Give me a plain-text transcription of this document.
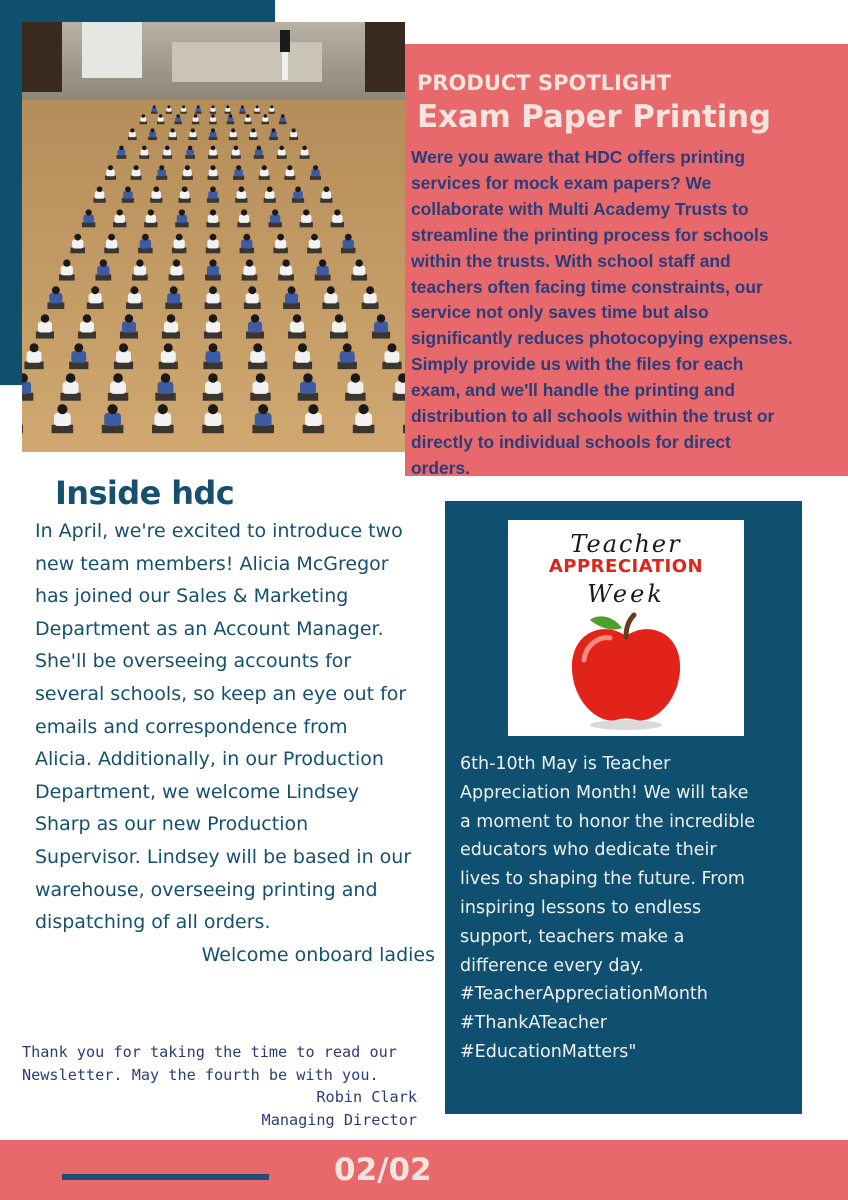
PRODUCT SPOTLIGHT
Exam Paper Printing
Were you aware that HDC offers printing
services for mock exam papers? We
collaborate with Multi Academy Trusts to
streamline the printing process for schools
within the trusts. With school staff and
teachers often facing time constraints, our
service not only saves time but also
significantly reduces photocopying expenses.
Simply provide us with the files for each
exam, and we'll handle the printing and
distribution to all schools within the trust or
directly to individual schools for direct
orders.
Inside hdc
In April, we're excited to introduce two
new team members! Alicia McGregor
has joined our Sales & Marketing
Department as an Account Manager.
She'll be overseeing accounts for
several schools, so keep an eye out for
emails and correspondence from
Alicia. Additionally, in our Production
Department, we welcome Lindsey
Sharp as our new Production
Supervisor. Lindsey will be based in our
warehouse, overseeing printing and
dispatching of all orders.
Welcome onboard ladies
Teacher
APPRECIATION
Week
6th-10th May is Teacher
Appreciation Month! We will take
a moment to honor the incredible
educators who dedicate their
lives to shaping the future. From
inspiring lessons to endless
support, teachers make a
difference every day.
#TeacherAppreciationMonth
#ThankATeacher
#EducationMatters"
Thank you for taking the time to read our
Newsletter. May the fourth be with you.
Robin Clark
Managing Director
02/02
